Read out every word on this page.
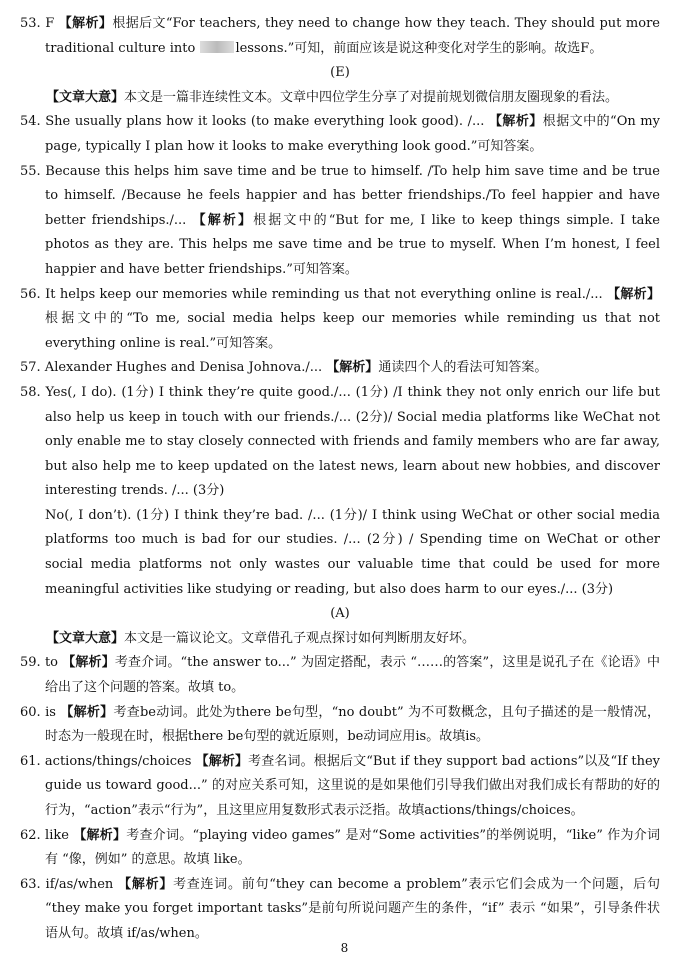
53. F 【解析】根据后文“For teachers, they need to change how they teach. They should put more traditional culture into	lessons.”可知，前面应该是说这种变化对学生的影响。故选F。

(E)

【文章大意】本文是一篇非连续性文本。文章中四位学生分享了对提前规划微信朋友圈现象的看法。

54. She usually plans how it looks (to make everything look good). /... 【解析】根据文中的“On my page, typically I plan how it looks to make everything look good.”可知答案。

55. Because this helps him save time and be true to himself. /To help him save time and be true to himself. /Because he feels happier and has better friendships./To feel happier and have better friendships./... 【解析】根据文中的“But for me, I like to keep things simple. I take photos as they are. This helps me save time and be true to myself. When I’m honest, I feel happier and have better friendships.”可知答案。

56. It helps keep our memories while reminding us that not everything online is real./... 【解析】根据文中的“To me, social media helps keep our memories while reminding us that not everything online is real.”可知答案。

57. Alexander Hughes and Denisa Johnova./... 【解析】通读四个人的看法可知答案。

58. Yes(, I do). (1分) I think they’re quite good./... (1分) /I think they not only enrich our life but also help us keep in touch with our friends./... (2分)/ Social media platforms like WeChat not only enable me to stay closely connected with friends and family members who are far away, but also help me to keep updated on the latest news, learn about new hobbies, and discover interesting trends. /... (3分)

No(, I don’t). (1分) I think they’re bad. /... (1分)/ I think using WeChat or other social media platforms too much is bad for our studies. /... (2分) / Spending time on WeChat or other social media platforms not only wastes our valuable time that could be used for more meaningful activities like studying or reading, but also does harm to our eyes./... (3分)

(A)

【文章大意】本文是一篇议论文。文章借孔子观点探讨如何判断朋友好坏。

59. to 【解析】考查介词。“the answer to...” 为固定搭配，表示 “……的答案”，这里是说孔子在《论语》中给出了这个问题的答案。故填 to。

60. is 【解析】考查be动词。此处为there be句型，“no doubt” 为不可数概念，且句子描述的是一般情况，时态为一般现在时，根据there be句型的就近原则，be动词应用is。故填is。

61. actions/things/choices 【解析】考查名词。根据后文“But if they support bad actions”以及“If they guide us toward good...” 的对应关系可知，这里说的是如果他们引导我们做出对我们成长有帮助的好的行为，“action”表示“行为”，且这里应用复数形式表示泛指。故填actions/things/choices。

62. like 【解析】考查介词。“playing video games” 是对“Some activities”的举例说明，“like” 作为介词有 “像，例如” 的意思。故填 like。

63. if/as/when 【解析】考查连词。前句“they can become a problem”表示它们会成为一个问题，后句 “they make you forget important tasks”是前句所说问题产生的条件，“if” 表示 “如果”，引导条件状语从句。故填 if/as/when。

8
